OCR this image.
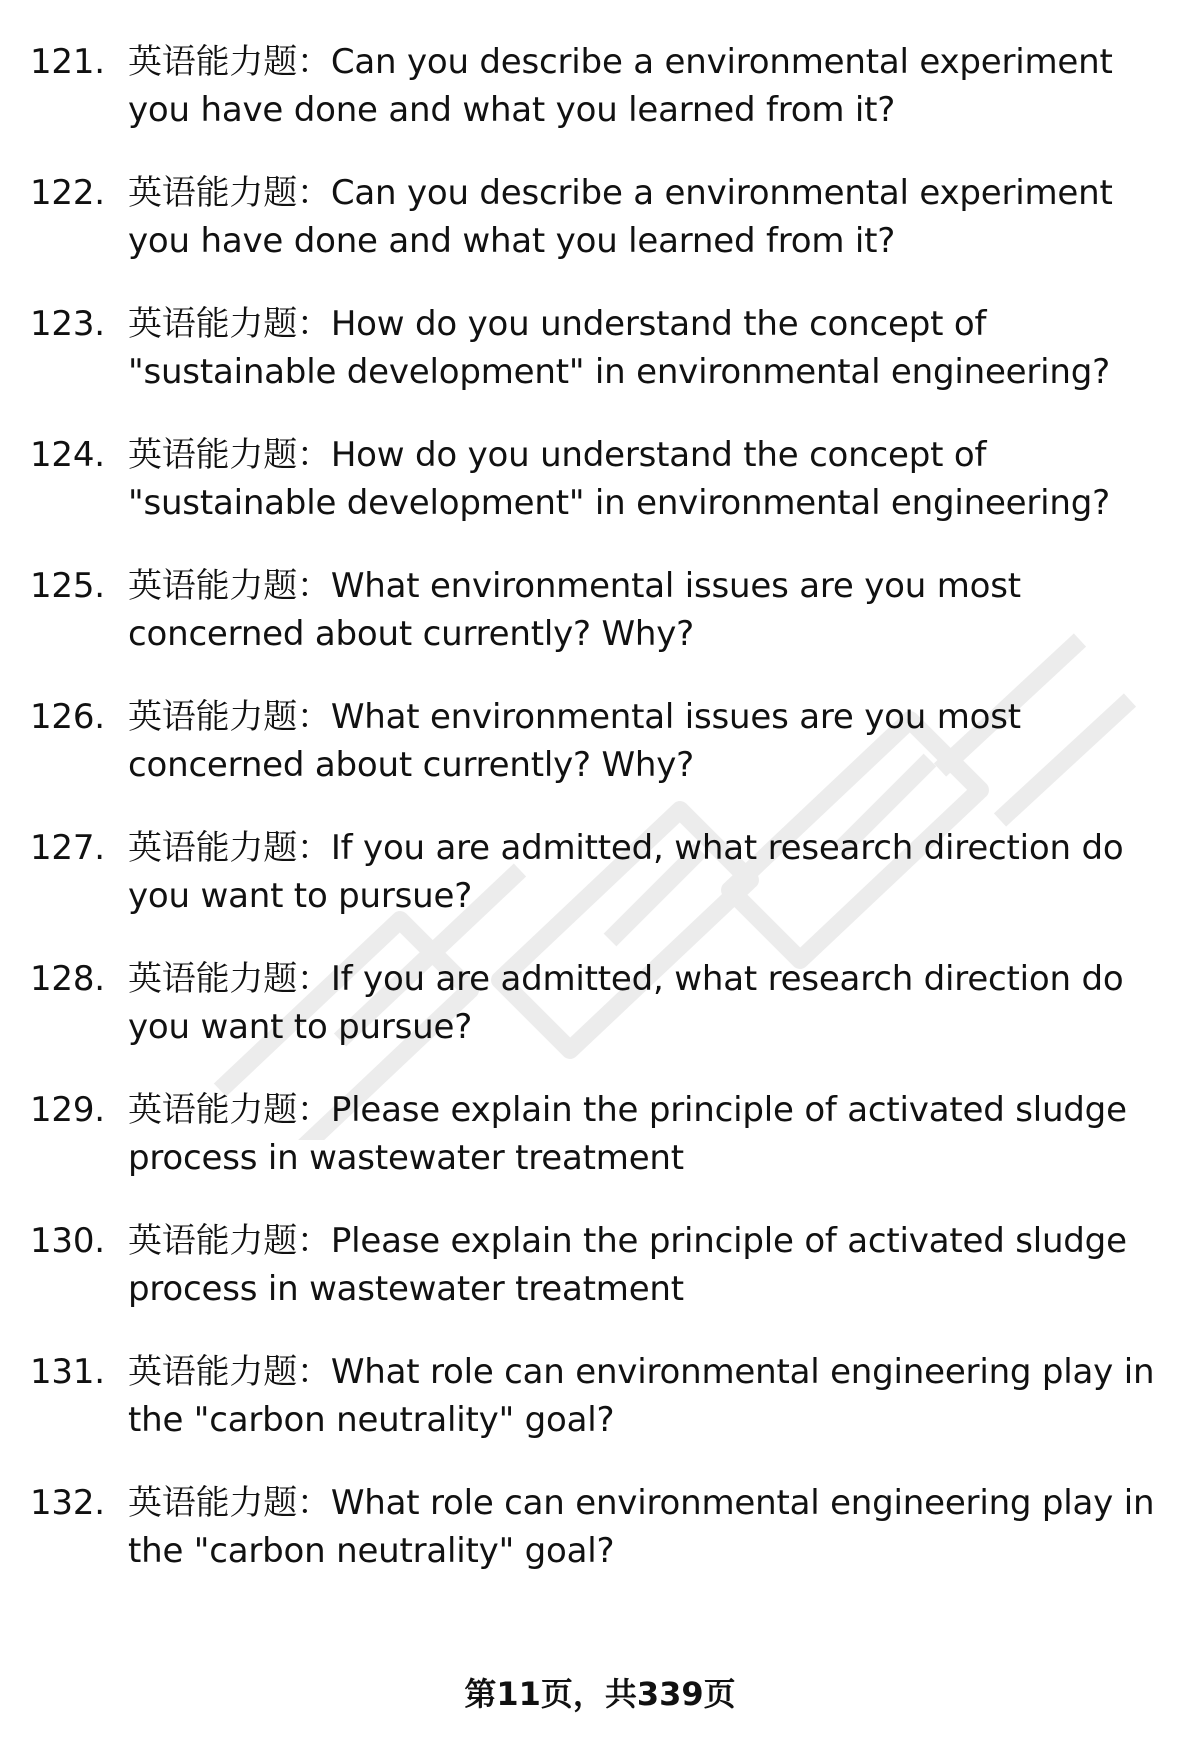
121. 英语能力题：Can you describe a environmental experiment you have done and what you learned from it?
122. 英语能力题：Can you describe a environmental experiment you have done and what you learned from it?
123. 英语能力题：How do you understand the concept of "sustainable development" in environmental engineering?
124. 英语能力题：How do you understand the concept of "sustainable development" in environmental engineering?
125. 英语能力题：What environmental issues are you most concerned about currently? Why?
126. 英语能力题：What environmental issues are you most concerned about currently? Why?
127. 英语能力题：If you are admitted, what research direction do you want to pursue?
128. 英语能力题：If you are admitted, what research direction do you want to pursue?
129. 英语能力题：Please explain the principle of activated sludge process in wastewater treatment
130. 英语能力题：Please explain the principle of activated sludge process in wastewater treatment
131. 英语能力题：What role can environmental engineering play in the "carbon neutrality" goal?
132. 英语能力题：What role can environmental engineering play in the "carbon neutrality" goal?
第11页，共339页
